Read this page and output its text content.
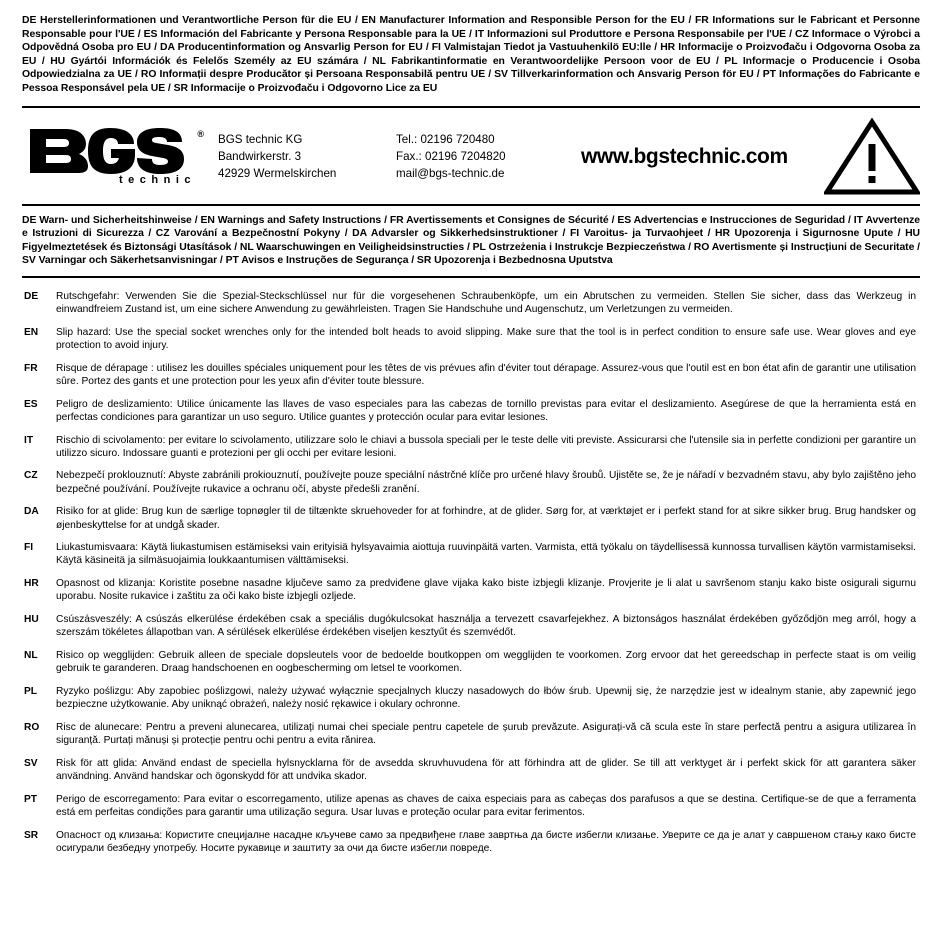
DE Herstellerinformationen und Verantwortliche Person für die EU / EN Manufacturer Information and Responsible Person for the EU / FR Informations sur le Fabricant et Personne Responsable pour l'UE / ES Información del Fabricante y Persona Responsable para la UE / IT Informazioni sul Produttore e Persona Responsabile per l'UE / CZ Informace o Výrobci a Odpovědná Osoba pro EU / DA Producentinformation og Ansvarlig Person for EU / FI Valmistajan Tiedot ja Vastuuhenkilö EU:lle / HR Informacije o Proizvođaču i Odgovorna Osoba za EU / HU Gyártói Információk és Felelős Személy az EU számára / NL Fabrikantinformatie en Verantwoordelijke Persoon voor de EU / PL Informacje o Producencie i Osoba Odpowiedzialna za UE / RO Informații despre Producător și Persoana Responsabilă pentru UE / SV Tillverkarinformation och Ansvarig Person för EU / PT Informações do Fabricante e Pessoa Responsável pela UE / SR Informacije o Proizvođaču i Odgovorno Lice za EU
®
technic
BGS technic KG
Bandwirkerstr. 3
42929 Wermelskirchen
Tel.: 02196 720480
Fax.: 02196 7204820
mail@bgs-technic.de
www.bgstechnic.com
DE Warn- und Sicherheitshinweise / EN Warnings and Safety Instructions / FR Avertissements et Consignes de Sécurité / ES Advertencias e Instrucciones de Seguridad / IT Avvertenze e Istruzioni di Sicurezza / CZ Varování a Bezpečnostní Pokyny / DA Advarsler og Sikkerhedsinstruktioner / FI Varoitus- ja Turvaohjeet / HR Upozorenja i Sigurnosne Upute / HU Figyelmeztetések és Biztonsági Utasítások / NL Waarschuwingen en Veiligheidsinstructies / PL Ostrzeżenia i Instrukcje Bezpieczeństwa / RO Avertismente și Instrucțiuni de Securitate / SV Varningar och Säkerhetsanvisningar / PT Avisos e Instruções de Segurança / SR Upozorenja i Bezbednosna Uputstva
DE	Rutschgefahr: Verwenden Sie die Spezial-Steckschlüssel nur für die vorgesehenen Schraubenköpfe, um ein Abrutschen zu vermeiden. Stellen Sie sicher, dass das Werkzeug in einwandfreiem Zustand ist, um eine sichere Anwendung zu gewährleisten. Tragen Sie Handschuhe und Augenschutz, um Verletzungen zu vermeiden.
EN	Slip hazard: Use the special socket wrenches only for the intended bolt heads to avoid slipping. Make sure that the tool is in perfect condition to ensure safe use. Wear gloves and eye protection to avoid injury.
FR	Risque de dérapage : utilisez les douilles spéciales uniquement pour les têtes de vis prévues afin d'éviter tout dérapage. Assurez-vous que l'outil est en bon état afin de garantir une utilisation sûre. Portez des gants et une protection pour les yeux afin d'éviter toute blessure.
ES	Peligro de deslizamiento: Utilice únicamente las llaves de vaso especiales para las cabezas de tornillo previstas para evitar el deslizamiento. Asegúrese de que la herramienta está en perfectas condiciones para garantizar un uso seguro. Utilice guantes y protección ocular para evitar lesiones.
IT	Rischio di scivolamento: per evitare lo scivolamento, utilizzare solo le chiavi a bussola speciali per le teste delle viti previste. Assicurarsi che l'utensile sia in perfette condizioni per garantire un utilizzo sicuro. Indossare guanti e protezioni per gli occhi per evitare lesioni.
CZ	Nebezpečí proklouznutí: Abyste zabránili prokiouznutí, používejte pouze speciální nástrčné klíče pro určené hlavy šroubů. Ujistěte se, že je nářadí v bezvadném stavu, aby bylo zajištěno jeho bezpečné používání. Používejte rukavice a ochranu očí, abyste předešli zranění.
DA	Risiko for at glide: Brug kun de særlige topnøgler til de tiltænkte skruehoveder for at forhindre, at de glider. Sørg for, at værktøjet er i perfekt stand for at sikre sikker brug. Brug handsker og øjenbeskyttelse for at undgå skader.
FI	Liukastumisvaara: Käytä liukastumisen estämiseksi vain erityisiä hylsyavaimia aiottuja ruuvinpäitä varten. Varmista, että työkalu on täydellisessä kunnossa turvallisen käytön varmistamiseksi. Käytä käsineitä ja silmäsuojaimia loukkaantumisen välttämiseksi.
HR	Opasnost od klizanja: Koristite posebne nasadne ključeve samo za predviđene glave vijaka kako biste izbjegli klizanje. Provjerite je li alat u savršenom stanju kako biste osigurali sigurnu uporabu. Nosite rukavice i zaštitu za oči kako biste izbjegli ozljede.
HU	Csúszásveszély: A csúszás elkerülése érdekében csak a speciális dugókulcsokat használja a tervezett csavarfejekhez. A biztonságos használat érdekében győződjön meg arról, hogy a szerszám tökéletes állapotban van. A sérülések elkerülése érdekében viseljen kesztyűt és szemvédőt.
NL	Risico op wegglijden: Gebruik alleen de speciale dopsleutels voor de bedoelde boutkoppen om wegglijden te voorkomen. Zorg ervoor dat het gereedschap in perfecte staat is om veilig gebruik te garanderen. Draag handschoenen en oogbescherming om letsel te voorkomen.
PL	Ryzyko poślizgu: Aby zapobiec poślizgowi, należy używać wyłącznie specjalnych kluczy nasadowych do łbów śrub. Upewnij się, że narzędzie jest w idealnym stanie, aby zapewnić jego bezpieczne użytkowanie. Aby uniknąć obrażeń, należy nosić rękawice i okulary ochronne.
RO	Risc de alunecare: Pentru a preveni alunecarea, utilizați numai chei speciale pentru capetele de șurub prevăzute. Asigurați-vă că scula este în stare perfectă pentru a asigura utilizarea în siguranță. Purtați mănuși și protecție pentru ochi pentru a evita rănirea.
SV	Risk för att glida: Använd endast de speciella hylsnycklarna för de avsedda skruvhuvudena för att förhindra att de glider. Se till att verktyget är i perfekt skick för att garantera säker användning. Använd handskar och ögonskydd för att undvika skador.
PT	Perigo de escorregamento: Para evitar o escorregamento, utilize apenas as chaves de caixa especiais para as cabeças dos parafusos a que se destina. Certifique-se de que a ferramenta está em perfeitas condições para garantir uma utilização segura. Usar luvas e proteção ocular para evitar ferimentos.
SR	Опасност од клизања: Користите специјалне насадне кључеве само за предвиђене главе завртња да бисте избегли клизање. Уверите се да је алат у савршеном стању како бисте осигурали безбедну употребу. Носите рукавице и заштиту за очи да бисте избегли повреде.
